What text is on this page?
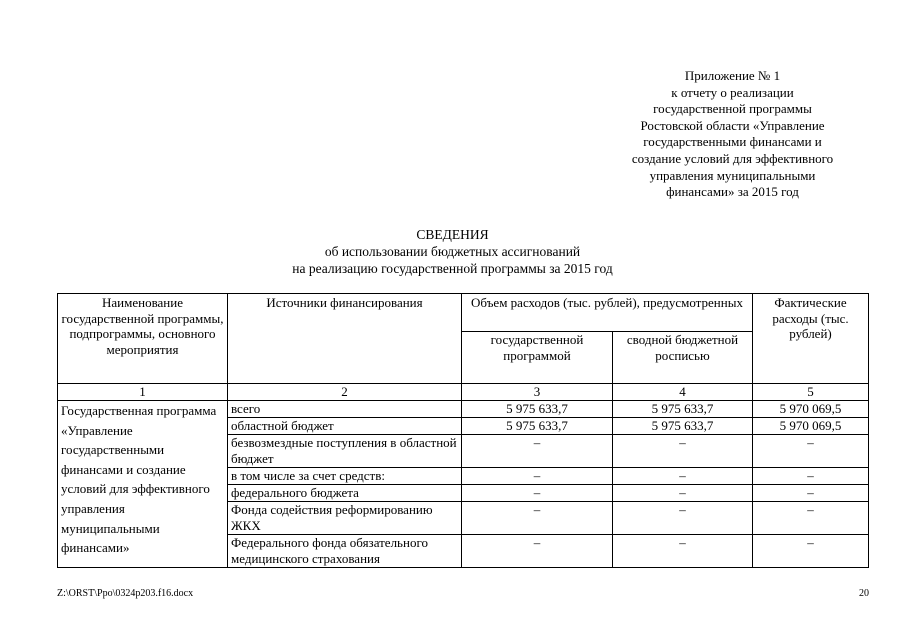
Приложение № 1
к отчету о реализации
государственной программы
Ростовской области «Управление
государственными финансами и
создание условий для эффективного
управления муниципальными
финансами» за 2015 год
СВЕДЕНИЯ
об использовании бюджетных ассигнований
на реализацию государственной программы за 2015 год
Наименование государственной программы, подпрограммы, основного мероприятия	Источники финансирования	Объем расходов (тыс. рублей), предусмотренных		Фактические расходы (тыс. рублей)
		государственной программой	сводной бюджетной росписью	
1	2	3	4	5
Государственная программа «Управление государственными финансами и создание условий для эффективного управления муниципальными финансами»	всего	5 975 633,7	5 975 633,7	5 970 069,5
	областной бюджет	5 975 633,7	5 975 633,7	5 970 069,5
	безвозмездные поступления в областной бюджет	–	–	–
	в том числе за счет средств:	–	–	–
	федерального бюджета	–	–	–
	Фонда содействия реформированию ЖКХ	–	–	–
	Федерального фонда обязательного медицинского страхования	–	–	–
Z:\ORST\Ppo\0324p203.f16.docx	20
